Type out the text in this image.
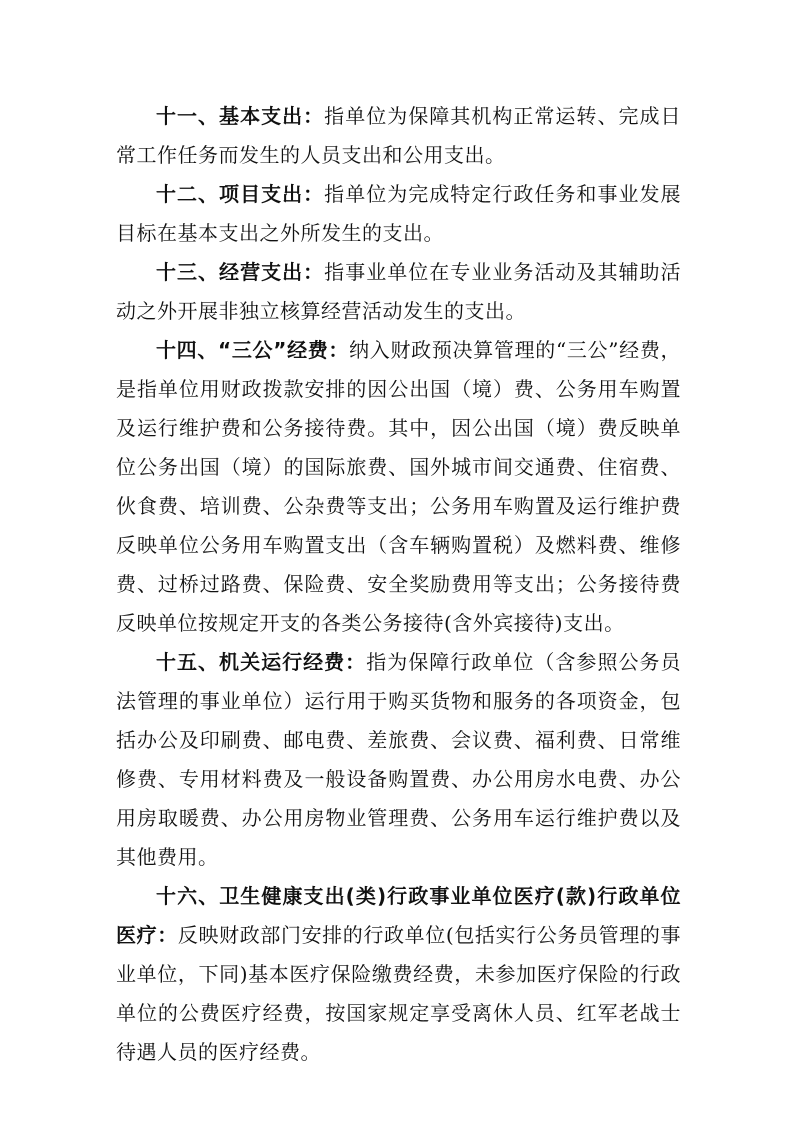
十一、基本支出：指单位为保障其机构正常运转、完成日常工作任务而发生的人员支出和公用支出。

十二、项目支出：指单位为完成特定行政任务和事业发展目标在基本支出之外所发生的支出。

十三、经营支出：指事业单位在专业业务活动及其辅助活动之外开展非独立核算经营活动发生的支出。

十四、“三公”经费：纳入财政预决算管理的“三公”经费，是指单位用财政拨款安排的因公出国（境）费、公务用车购置及运行维护费和公务接待费。其中，因公出国（境）费反映单位公务出国（境）的国际旅费、国外城市间交通费、住宿费、伙食费、培训费、公杂费等支出；公务用车购置及运行维护费反映单位公务用车购置支出（含车辆购置税）及燃料费、维修费、过桥过路费、保险费、安全奖励费用等支出；公务接待费反映单位按规定开支的各类公务接待(含外宾接待)支出。

十五、机关运行经费：指为保障行政单位（含参照公务员法管理的事业单位）运行用于购买货物和服务的各项资金，包括办公及印刷费、邮电费、差旅费、会议费、福利费、日常维修费、专用材料费及一般设备购置费、办公用房水电费、办公用房取暖费、办公用房物业管理费、公务用车运行维护费以及其他费用。

十六、卫生健康支出(类)行政事业单位医疗(款)行政单位医疗：反映财政部门安排的行政单位(包括实行公务员管理的事业单位，下同)基本医疗保险缴费经费，未参加医疗保险的行政单位的公费医疗经费，按国家规定享受离休人员、红军老战士待遇人员的医疗经费。
